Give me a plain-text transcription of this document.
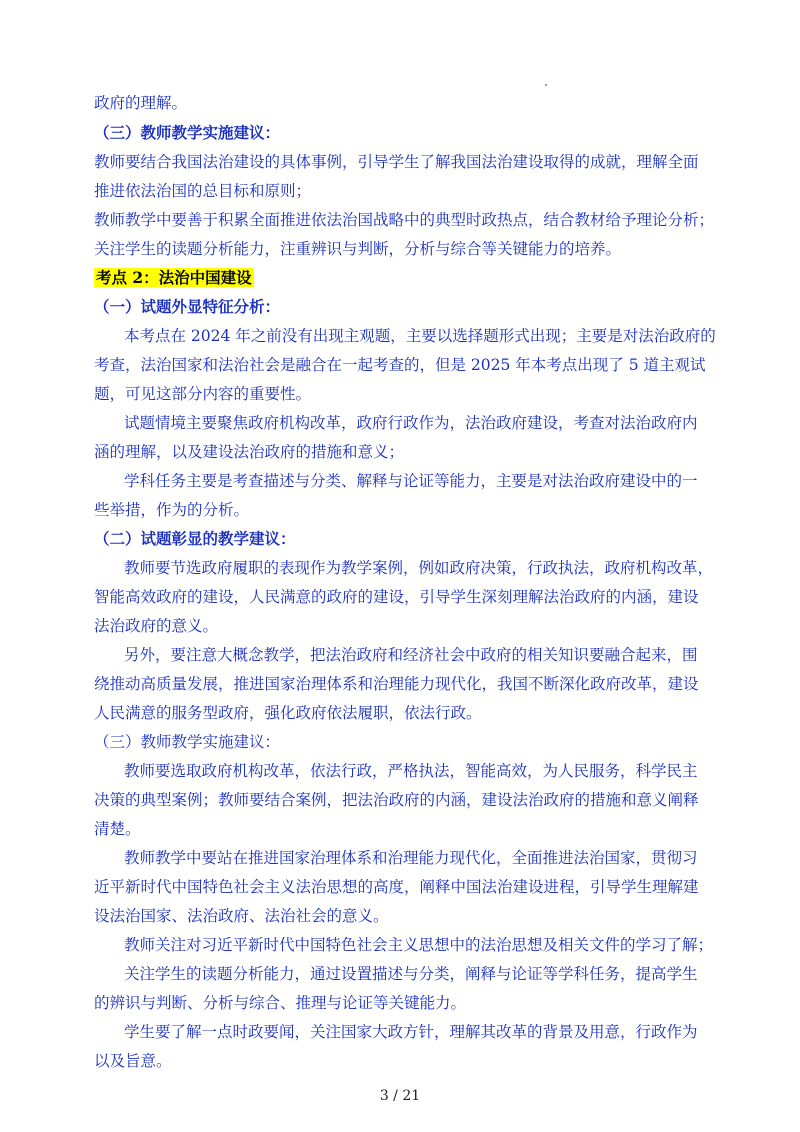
政府的理解。
（三）教师教学实施建议：
教师要结合我国法治建设的具体事例，引导学生了解我国法治建设取得的成就，理解全面
推进依法治国的总目标和原则；
教师教学中要善于积累全面推进依法治国战略中的典型时政热点，结合教材给予理论分析；
关注学生的读题分析能力，注重辨识与判断，分析与综合等关键能力的培养。
考点 2：法治中国建设
（一）试题外显特征分析：
本考点在 2024 年之前没有出现主观题，主要以选择题形式出现；主要是对法治政府的
考查，法治国家和法治社会是融合在一起考查的，但是 2025 年本考点出现了 5 道主观试
题，可见这部分内容的重要性。
试题情境主要聚焦政府机构改革，政府行政作为，法治政府建设，考查对法治政府内
涵的理解，以及建设法治政府的措施和意义；
学科任务主要是考查描述与分类、解释与论证等能力，主要是对法治政府建设中的一
些举措，作为的分析。
（二）试题彰显的教学建议：
教师要节选政府履职的表现作为教学案例，例如政府决策，行政执法，政府机构改革，
智能高效政府的建设，人民满意的政府的建设，引导学生深刻理解法治政府的内涵，建设
法治政府的意义。
另外，要注意大概念教学，把法治政府和经济社会中政府的相关知识要融合起来，围
绕推动高质量发展，推进国家治理体系和治理能力现代化，我国不断深化政府改革，建设
人民满意的服务型政府，强化政府依法履职，依法行政。
（三）教师教学实施建议：
教师要选取政府机构改革，依法行政，严格执法，智能高效，为人民服务，科学民主
决策的典型案例；教师要结合案例，把法治政府的内涵，建设法治政府的措施和意义阐释
清楚。
教师教学中要站在推进国家治理体系和治理能力现代化，全面推进法治国家，贯彻习
近平新时代中国特色社会主义法治思想的高度，阐释中国法治建设进程，引导学生理解建
设法治国家、法治政府、法治社会的意义。
教师关注对习近平新时代中国特色社会主义思想中的法治思想及相关文件的学习了解；
关注学生的读题分析能力，通过设置描述与分类，阐释与论证等学科任务，提高学生
的辨识与判断、分析与综合、推理与论证等关键能力。
学生要了解一点时政要闻，关注国家大政方针，理解其改革的背景及用意，行政作为
以及旨意。
3 / 21
